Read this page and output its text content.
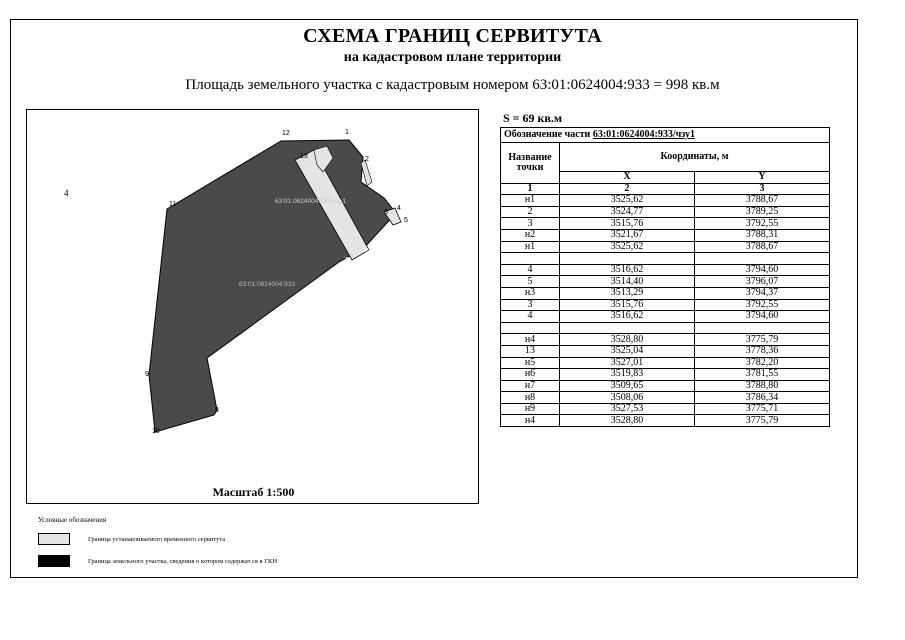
СХЕМА ГРАНИЦ СЕРВИТУТА
на кадастровом плане территории
Площадь земельного участка с кадастровым номером 63:01:0624004:933 = 998 кв.м
4
12	1
2
3
4
5
6
7
8
9
10
11
13
63:01:0624004:933/чзу1
63:01:0624004:933
Масштаб 1:500
S = 69 кв.м
Обозначение части 63:01:0624004:933/чзу1		
Название точки	Координаты, м	
	X	Y
1	2	3
н1	3525,62	3788,67
2	3524,77	3789,25
3	3515,76	3792,55
н2	3521,67	3788,31
н1	3525,62	3788,67

4	3516,62	3794,60
5	3514,40	3796,07
н3	3513,29	3794,37
3	3515,76	3792,55
4	3516,62	3794,60

н4	3528,80	3775,79
13	3525,04	3778,36
н5	3527,01	3782,20
н6	3519,83	3781,55
н7	3509,65	3788,80
н8	3508,06	3786,34
н9	3527,53	3775,71
н4	3528,80	3775,79
Условные обозначения
Граница устанавливаемого временного сервитута
Граница земельного участка, сведения о котором содержат ся в ГКН
